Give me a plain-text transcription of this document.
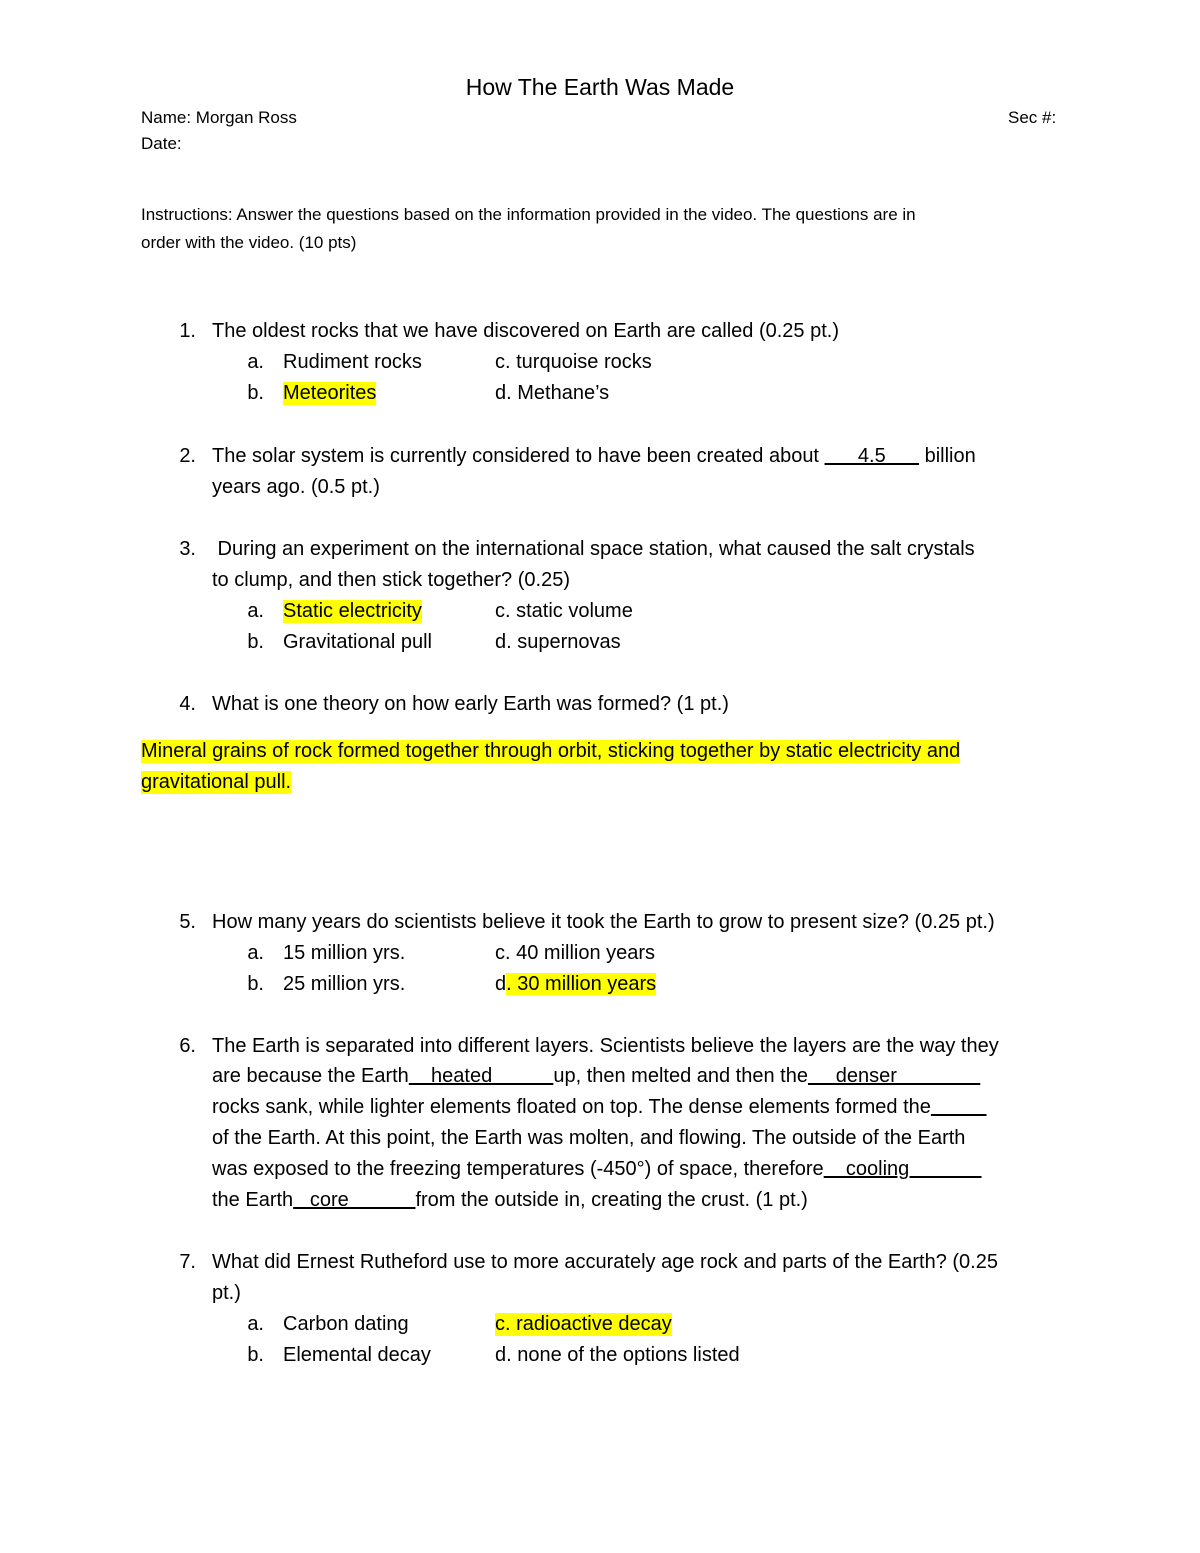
How The Earth Was Made
Name: Morgan Ross	Sec #:
Date:
Instructions: Answer the questions based on the information provided in the video. The questions are in
order with the video. (10 pts)
1. The oldest rocks that we have discovered on Earth are called (0.25 pt.)
a. Rudiment rocks	c. turquoise rocks
b. Meteorites	d. Methane’s
2. The solar system is currently considered to have been created about       4.5       billion
years ago. (0.5 pt.)
3. During an experiment on the international space station, what caused the salt crystals
to clump, and then stick together? (0.25)
a. Static electricity	c. static volume
b. Gravitational pull	d. supernovas
4. What is one theory on how early Earth was formed? (1 pt.)
Mineral grains of rock formed together through orbit, sticking together by static electricity and
gravitational pull.
5. How many years do scientists believe it took the Earth to grow to present size? (0.25 pt.)
a. 15 million yrs.	c. 40 million years
b. 25 million yrs.	d. 30 million years
6. The Earth is separated into different layers. Scientists believe the layers are the way they
are because the Earth    heated           up, then melted and then the     denser
rocks sank, while lighter elements floated on top. The dense elements formed the
of the Earth. At this point, the Earth was molten, and flowing. The outside of the Earth
was exposed to the freezing temperatures (-450°) of space, therefore    cooling
the Earth   core            from the outside in, creating the crust. (1 pt.)
7. What did Ernest Rutheford use to more accurately age rock and parts of the Earth? (0.25
pt.)
a. Carbon dating	c. radioactive decay
b. Elemental decay	d. none of the options listed
